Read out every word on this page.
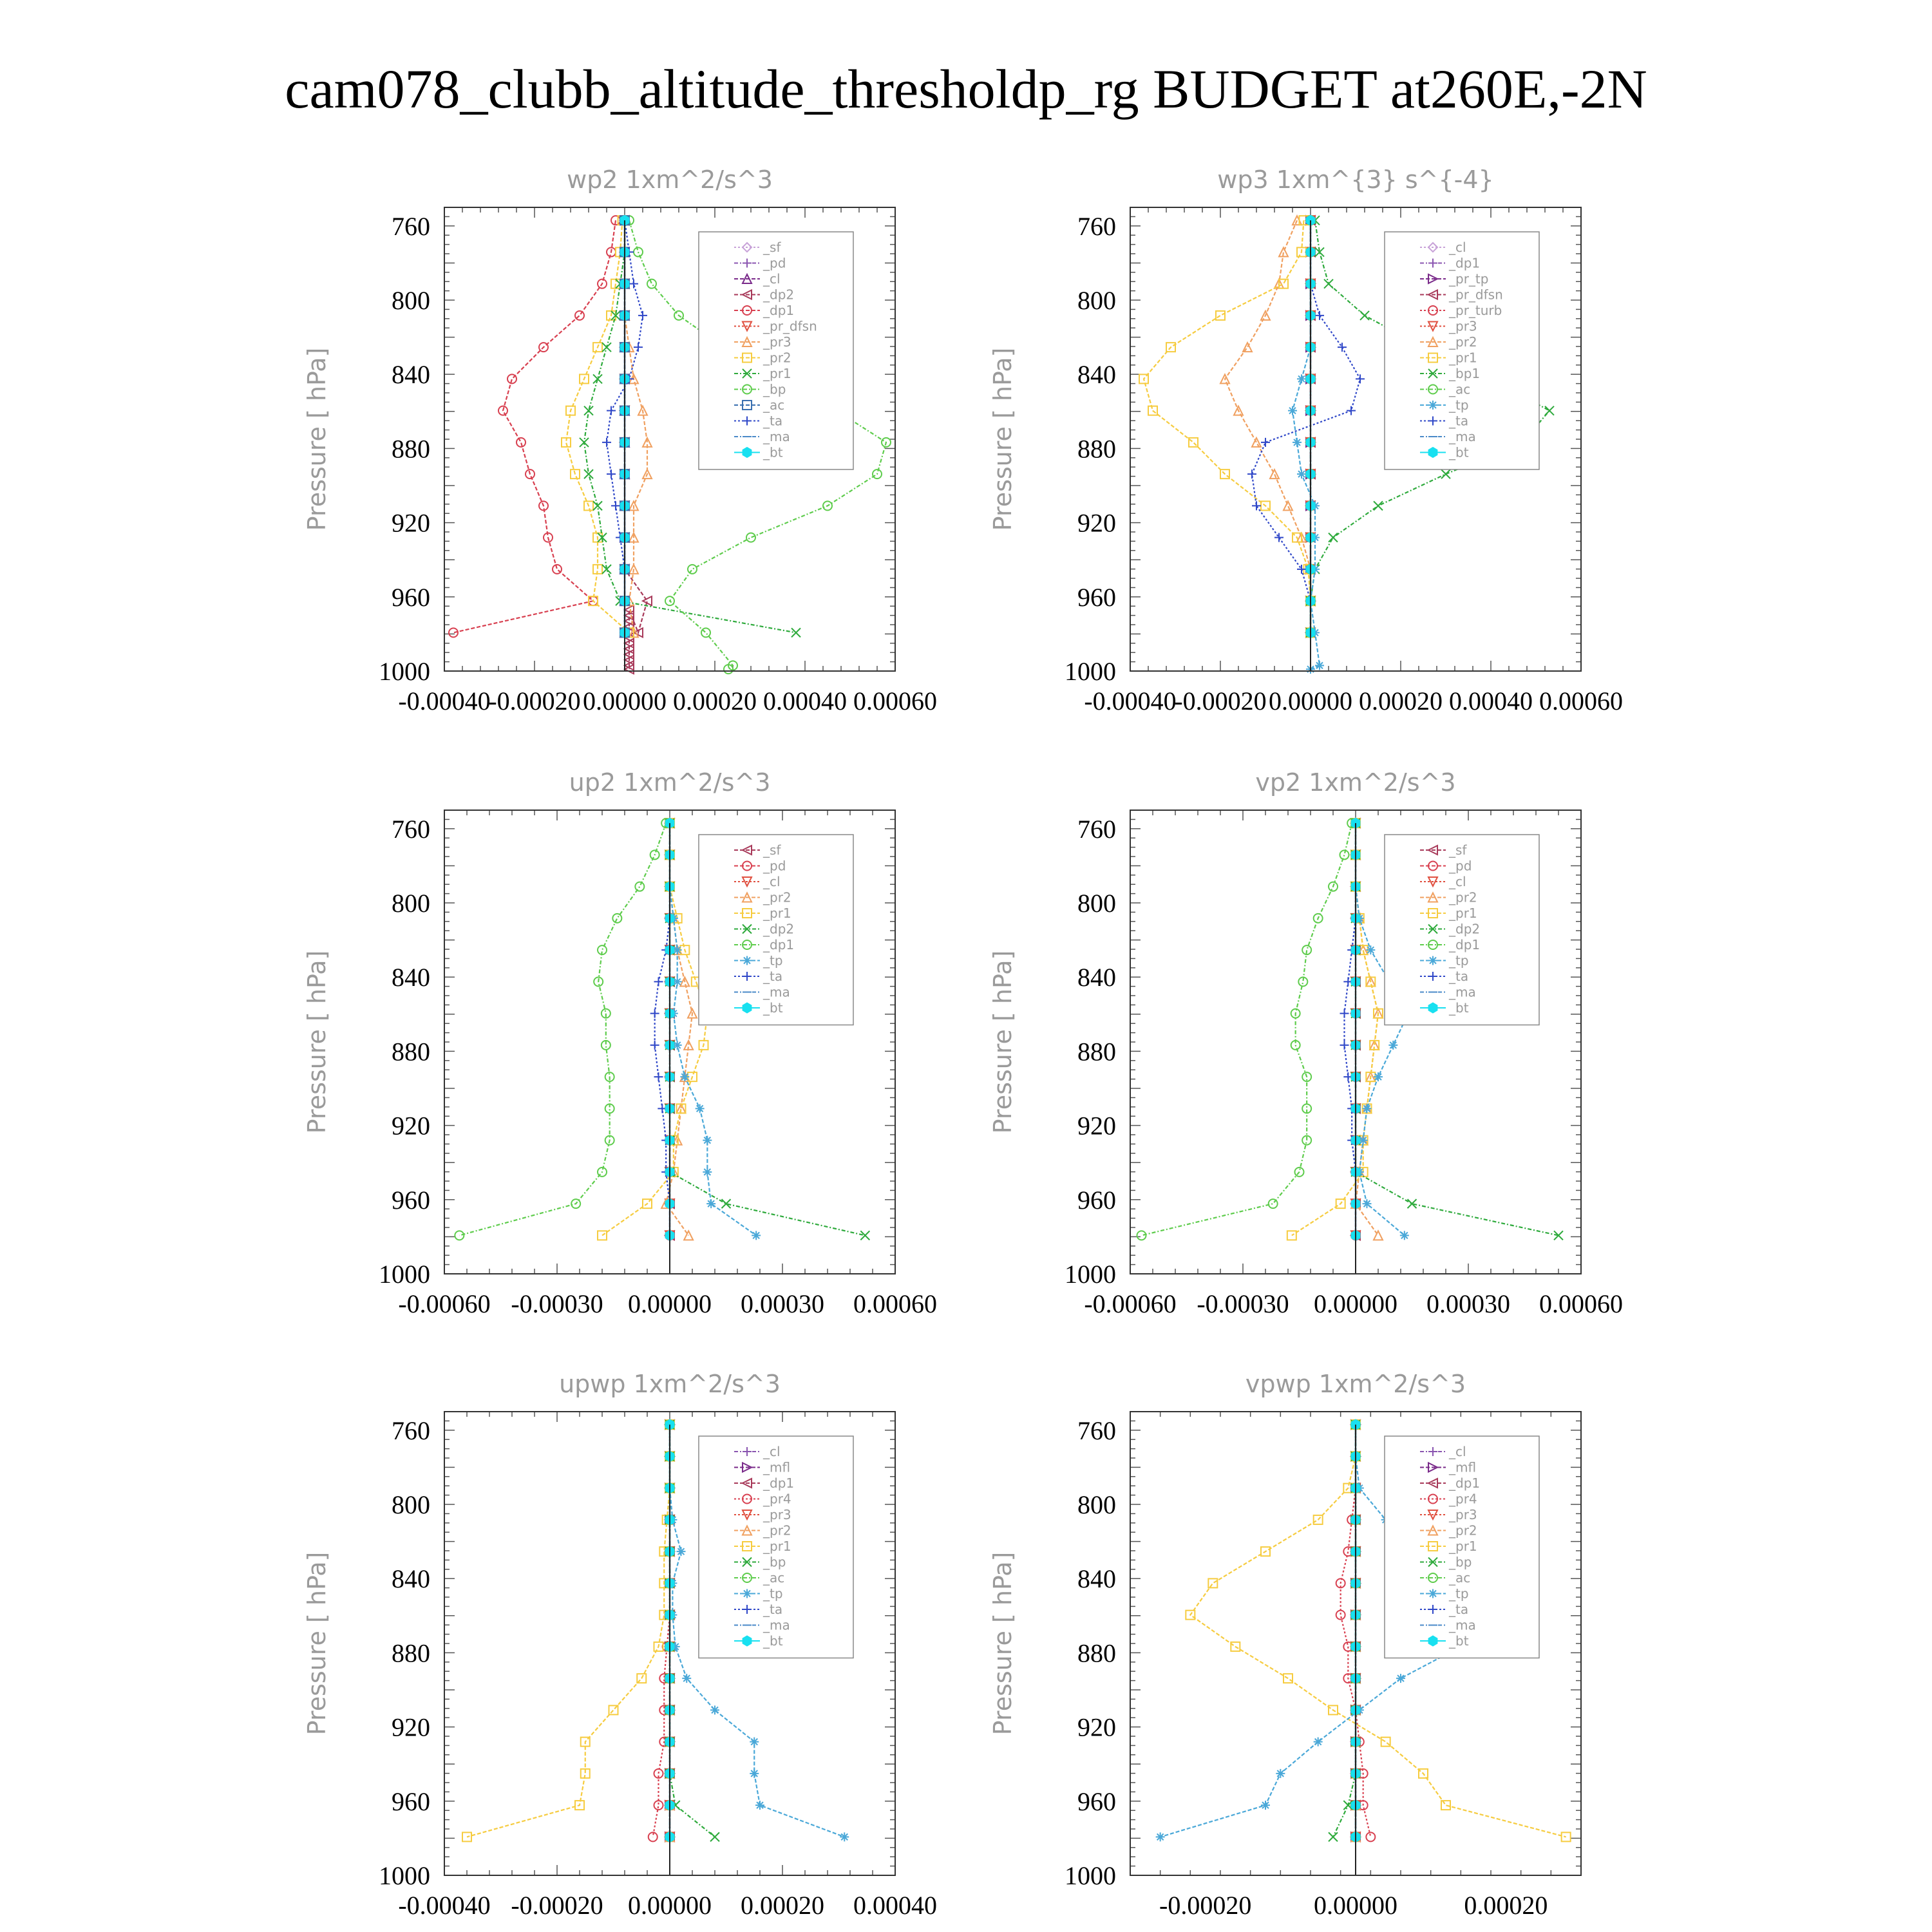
cam078_clubb_altitude_thresholdp_rg BUDGET at260E,-2N
wp2 1xm^2/s^3
Pressure [ hPa]
760
800
840
880
920
960
1000
-0.00040
-0.00020 0.00000 0.00020 0.00040 0.00060
_sf
_pd
_cl
_dp2
_dp1
_pr_dfsn
_pr3
_pr2
_pr1
_bp
_ac
_ta
_ma
_bt
wp3 1xm^{3} s^{-4}
Pressure [ hPa]
760
800
840
880
920
960
1000
-0.00040
-0.00020 0.00000 0.00020 0.00040 0.00060
_cl
_dp1
_pr_tp
_pr_dfsn
_pr_turb
_pr3
_pr2
_pr1
_bp1
_ac
_tp
_ta
_ma
_bt
up2 1xm^2/s^3
Pressure [ hPa]
760
800
840
880
920
960
1000
-0.00060 -0.00030 0.00000 0.00030 0.00060
_sf
_pd
_cl
_pr2
_pr1
_dp2
_dp1
_tp
_ta
_ma
_bt
vp2 1xm^2/s^3
Pressure [ hPa]
760
800
840
880
920
960
1000
-0.00060 -0.00030 0.00000 0.00030 0.00060
_sf
_pd
_cl
_pr2
_pr1
_dp2
_dp1
_tp
_ta
_ma
_bt
upwp 1xm^2/s^3
Pressure [ hPa]
760
800
840
880
920
960
1000
-0.00040 -0.00020 0.00000 0.00020 0.00040
_cl
_mfl
_dp1
_pr4
_pr3
_pr2
_pr1
_bp
_ac
_tp
_ta
_ma
_bt
vpwp 1xm^2/s^3
Pressure [ hPa]
760
800
840
880
920
960
1000
-0.00020 0.00000	0.00020
_cl
_mfl
_dp1
_pr4
_pr3
_pr2
_pr1
_bp
_ac
_tp
_ta
_ma
_bt
